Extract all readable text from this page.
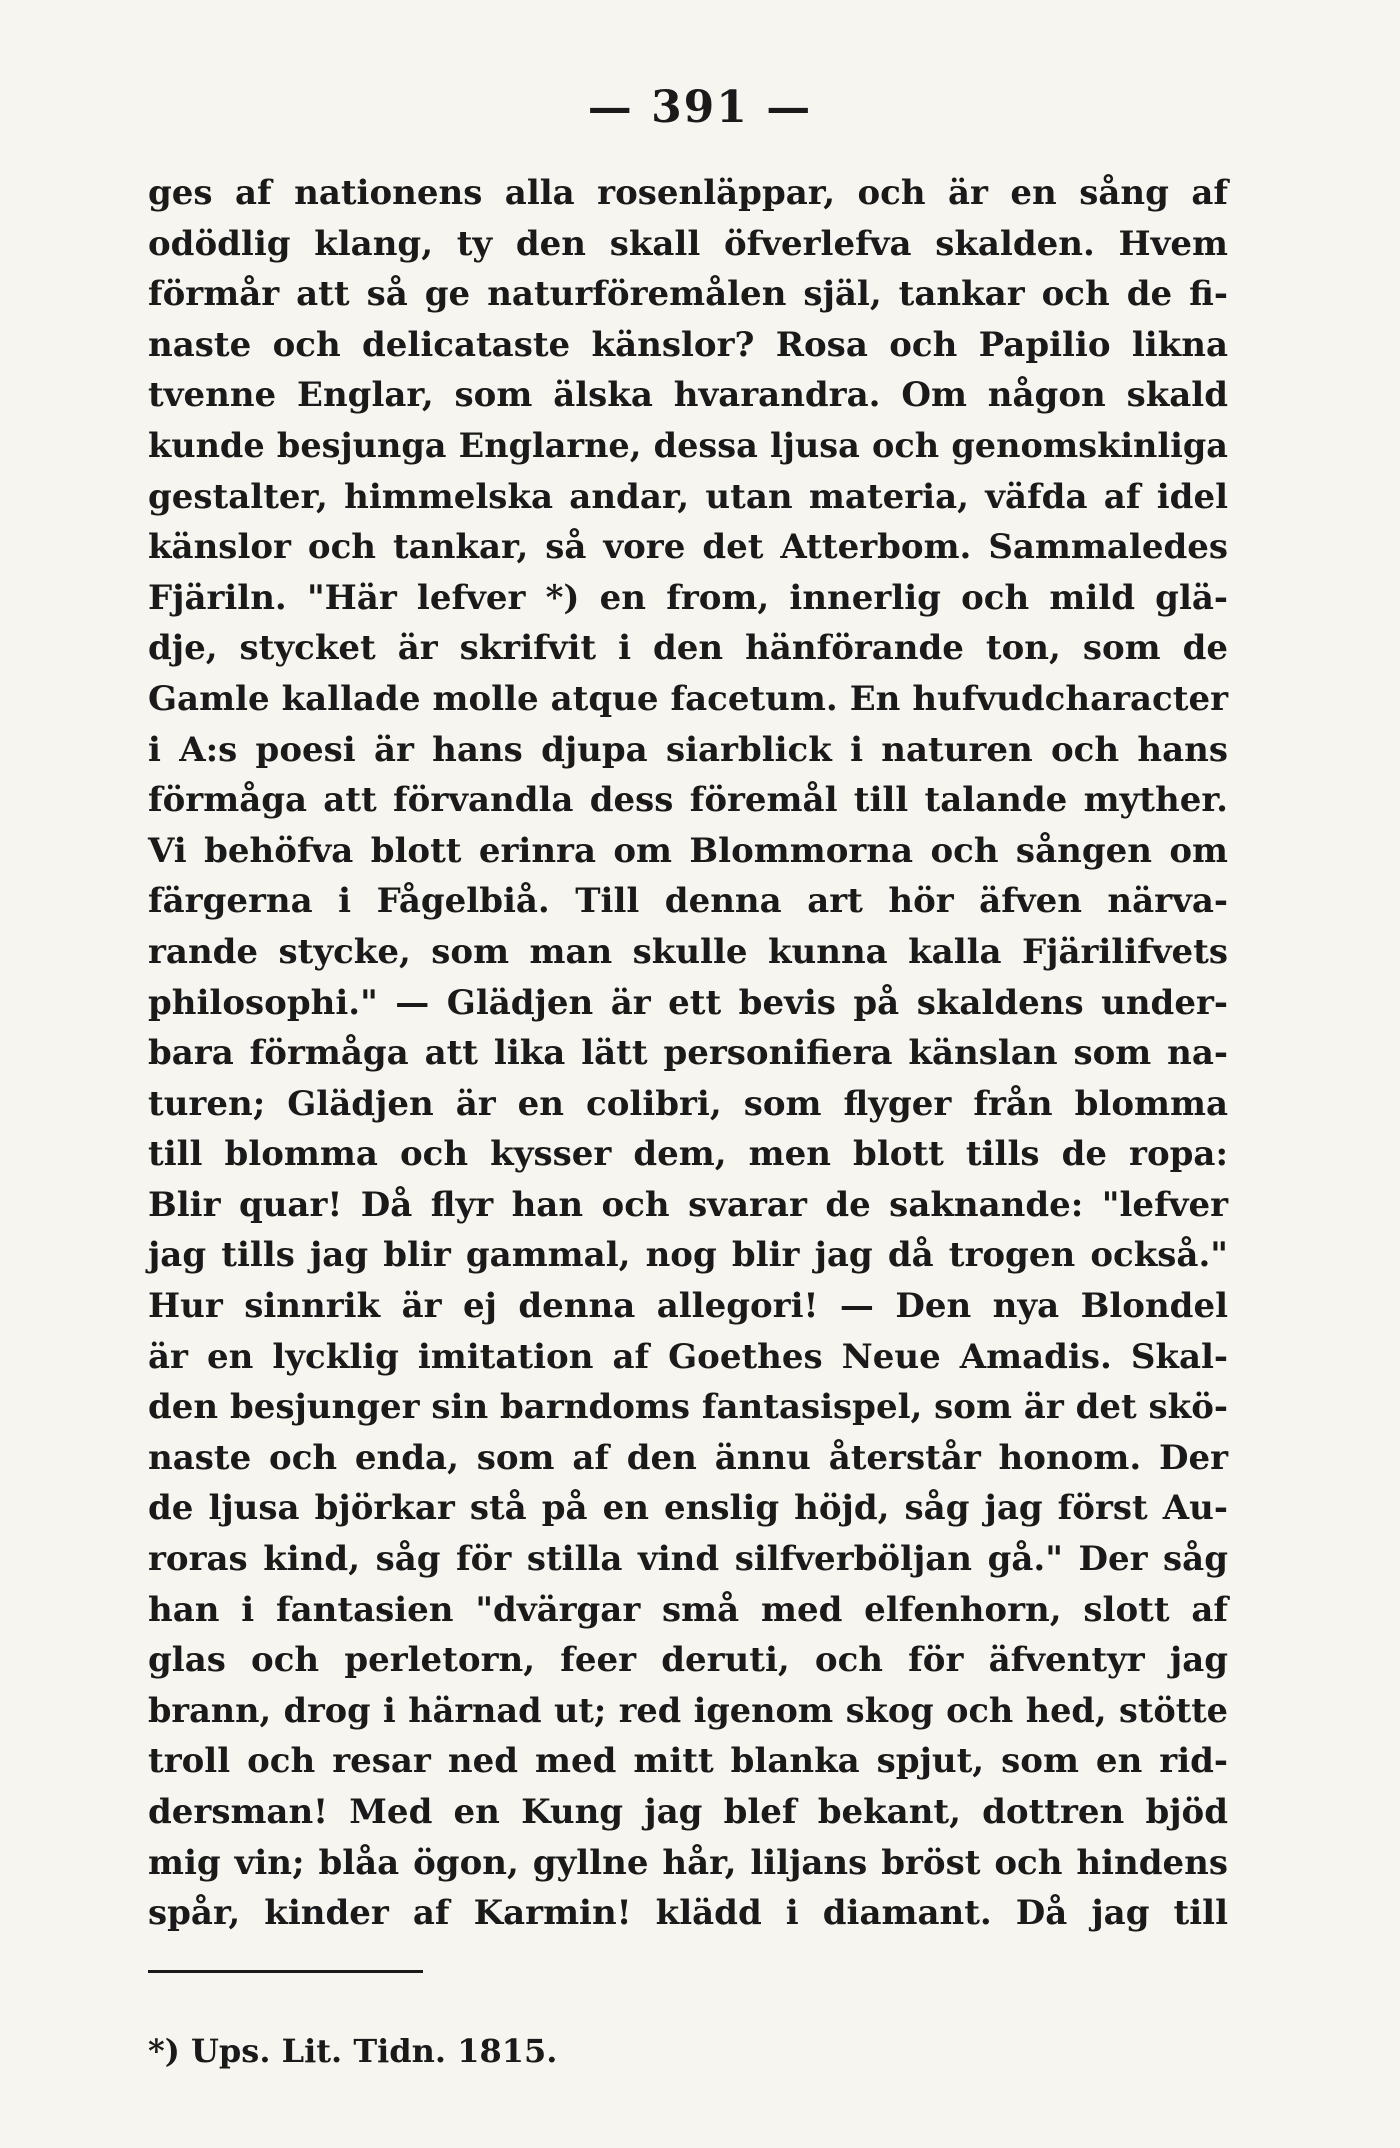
— 391 —
ges af nationens alla rosenläppar, och är en sång af
odödlig klang, ty den skall öfverlefva skalden. Hvem
förmår att så ge naturföremålen själ, tankar och de fi-
naste och delicataste känslor? Rosa och Papilio likna
tvenne Englar, som älska hvarandra. Om någon skald
kunde besjunga Englarne, dessa ljusa och genomskinliga
gestalter, himmelska andar, utan materia, väfda af idel
känslor och tankar, så vore det Atterbom. Sammaledes
Fjäriln. "Här lefver *) en from, innerlig och mild glä-
dje, stycket är skrifvit i den hänförande ton, som de
Gamle kallade molle atque facetum. En hufvudcharacter
i A:s poesi är hans djupa siarblick i naturen och hans
förmåga att förvandla dess föremål till talande myther.
Vi behöfva blott erinra om Blommorna och sången om
färgerna i Fågelbiå. Till denna art hör äfven närva-
rande stycke, som man skulle kunna kalla Fjärilifvets
philosophi." — Glädjen är ett bevis på skaldens under-
bara förmåga att lika lätt personifiera känslan som na-
turen; Glädjen är en colibri, som flyger från blomma
till blomma och kysser dem, men blott tills de ropa:
Blir quar! Då flyr han och svarar de saknande: "lefver
jag tills jag blir gammal, nog blir jag då trogen också."
Hur sinnrik är ej denna allegori! — Den nya Blondel
är en lycklig imitation af Goethes Neue Amadis. Skal-
den besjunger sin barndoms fantasispel, som är det skö-
naste och enda, som af den ännu återstår honom. Der
de ljusa björkar stå på en enslig höjd, såg jag först Au-
roras kind, såg för stilla vind silfverböljan gå." Der såg
han i fantasien "dvärgar små med elfenhorn, slott af
glas och perletorn, feer deruti, och för äfventyr jag
brann, drog i härnad ut; red igenom skog och hed, stötte
troll och resar ned med mitt blanka spjut, som en rid-
dersman! Med en Kung jag blef bekant, dottren bjöd
mig vin; blåa ögon, gyllne hår, liljans bröst och hindens
spår, kinder af Karmin! klädd i diamant. Då jag till
*) Ups. Lit. Tidn. 1815.
